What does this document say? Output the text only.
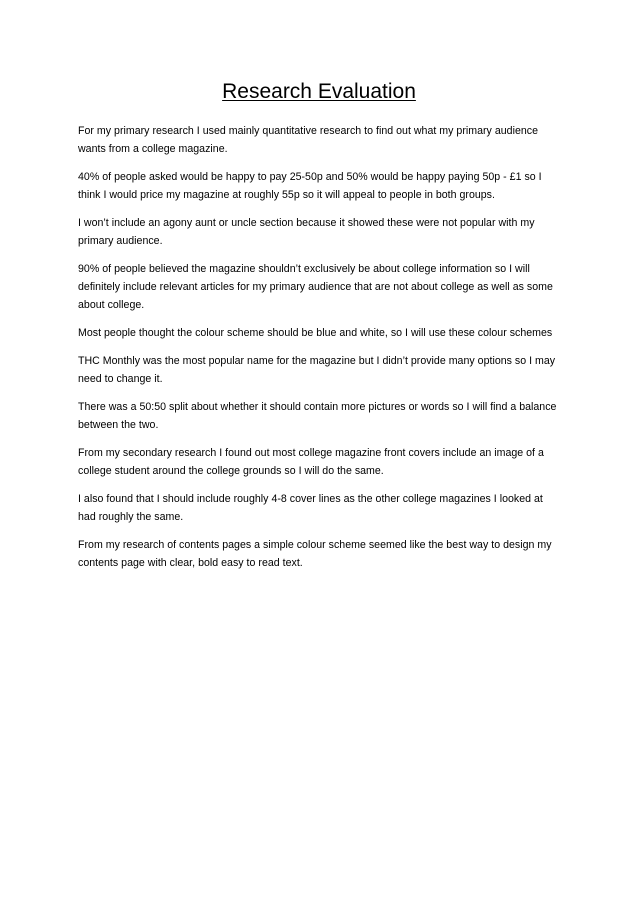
Research Evaluation

For my primary research I used mainly quantitative research to find out what my primary audience wants from a college magazine.

40% of people asked would be happy to pay 25-50p and 50% would be happy paying 50p - £1 so I think I would price my magazine at roughly 55p so it will appeal to people in both groups.

I won’t include an agony aunt or uncle section because it showed these were not popular with my primary audience.

90% of people believed the magazine shouldn’t exclusively be about college information so I will definitely include relevant articles for my primary audience that are not about college as well as some about college.

Most people thought the colour scheme should be blue and white, so I will use these colour schemes

THC Monthly was the most popular name for the magazine but I didn’t provide many options so I may need to change it.

There was a 50:50 split about whether it should contain more pictures or words so I will find a balance between the two.

From my secondary research I found out most college magazine front covers include an image of a college student around the college grounds so I will do the same.

I also found that I should include roughly 4-8 cover lines as the other college magazines I looked at had roughly the same.

From my research of contents pages a simple colour scheme seemed like the best way to design my contents page with clear, bold easy to read text.
